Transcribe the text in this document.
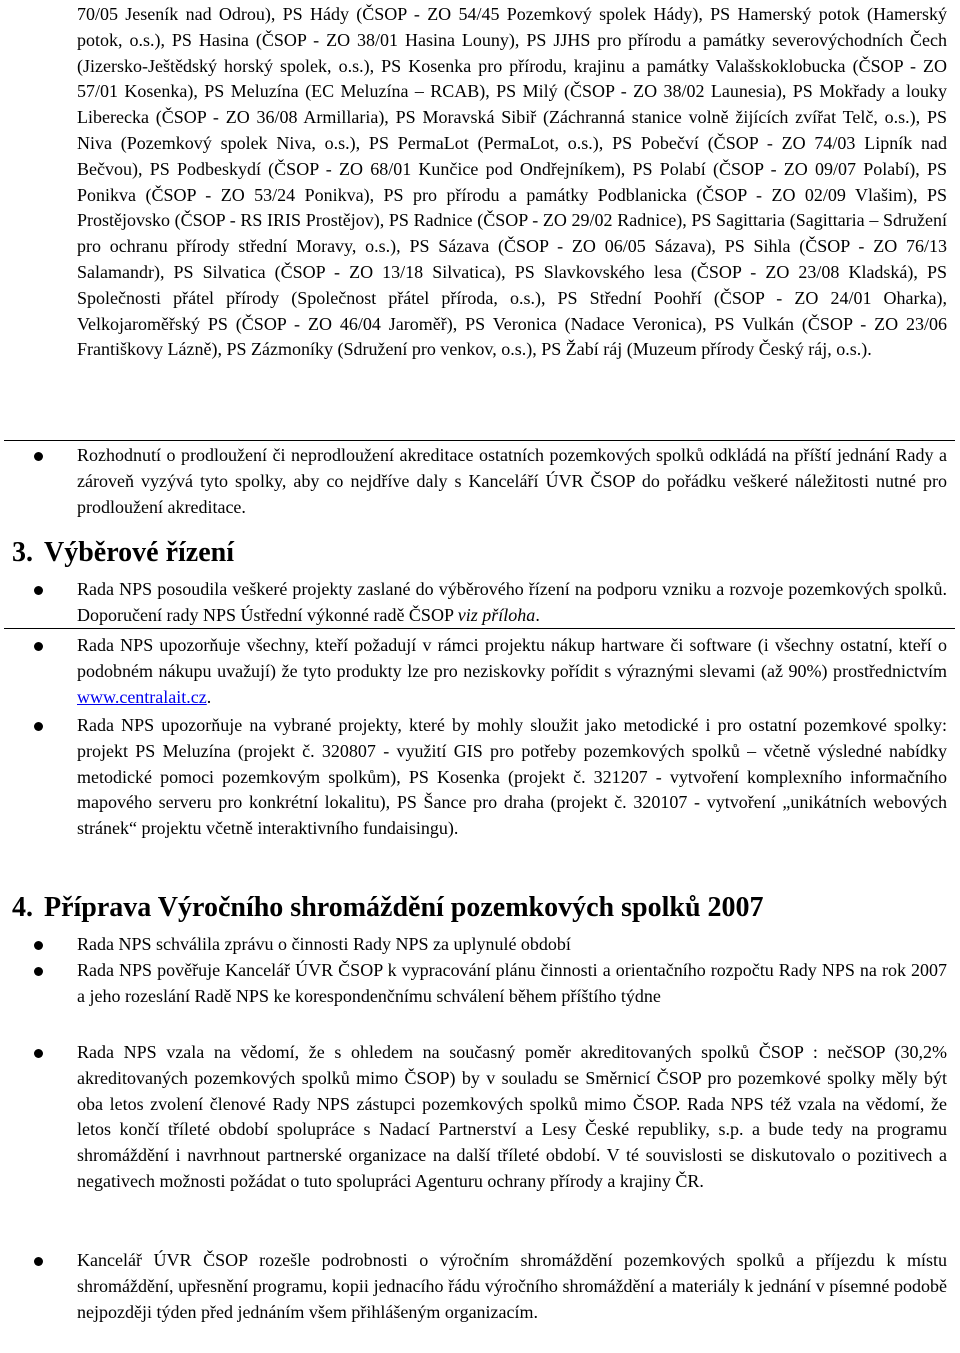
70/05 Jeseník nad Odrou), PS Hády (ČSOP - ZO 54/45 Pozemkový spolek Hády), PS Hamerský potok (Hamerský potok, o.s.), PS Hasina (ČSOP - ZO 38/01 Hasina Louny), PS JJHS pro přírodu a památky severovýchodních Čech (Jizersko-Ještědský horský spolek, o.s.), PS Kosenka pro přírodu, krajinu a památky Valašskoklobucka (ČSOP - ZO 57/01 Kosenka), PS Meluzína (EC Meluzína – RCAB), PS Milý (ČSOP - ZO 38/02 Launesia), PS Mokřady a louky Liberecka (ČSOP - ZO 36/08 Armillaria), PS Moravská Sibiř (Záchranná stanice volně žijících zvířat Telč, o.s.), PS Niva (Pozemkový spolek Niva, o.s.), PS PermaLot (PermaLot, o.s.), PS Pobečví (ČSOP - ZO 74/03 Lipník nad Bečvou), PS Podbeskydí (ČSOP - ZO 68/01 Kunčice pod Ondřejníkem), PS Polabí (ČSOP - ZO 09/07 Polabí), PS Ponikva (ČSOP - ZO 53/24 Ponikva), PS pro přírodu a památky Podblanicka (ČSOP - ZO 02/09 Vlašim), PS Prostějovsko (ČSOP - RS IRIS Prostějov), PS Radnice (ČSOP - ZO 29/02 Radnice), PS Sagittaria (Sagittaria – Sdružení pro ochranu přírody střední Moravy, o.s.), PS Sázava (ČSOP - ZO 06/05 Sázava), PS Sihla (ČSOP - ZO 76/13 Salamandr), PS Silvatica (ČSOP - ZO 13/18 Silvatica), PS Slavkovského lesa (ČSOP - ZO 23/08 Kladská), PS Společnosti přátel přírody (Společnost přátel příroda, o.s.), PS Střední Poohří (ČSOP - ZO 24/01 Oharka), Velkojaroměřský PS (ČSOP - ZO 46/04 Jaroměř), PS Veronica (Nadace Veronica), PS Vulkán (ČSOP - ZO 23/06 Františkovy Lázně), PS Zázmoníky (Sdružení pro venkov, o.s.), PS Žabí ráj (Muzeum přírody Český ráj, o.s.).

Rozhodnutí o prodloužení či neprodloužení akreditace ostatních pozemkových spolků odkládá na příští jednání Rady a zároveň vyzývá tyto spolky, aby co nejdříve daly s Kanceláří ÚVR ČSOP do pořádku veškeré náležitosti nutné pro prodloužení akreditace.

3. Výběrové řízení

Rada NPS posoudila veškeré projekty zaslané do výběrového řízení na podporu vzniku a rozvoje pozemkových spolků. Doporučení rady NPS Ústřední výkonné radě ČSOP viz příloha.

Rada NPS upozorňuje všechny, kteří požadují v rámci projektu nákup hartware či software (i všechny ostatní, kteří o podobném nákupu uvažují) že tyto produkty lze pro neziskovky pořídit s výraznými slevami (až 90%) prostřednictvím www.centralait.cz.

Rada NPS upozorňuje na vybrané projekty, které by mohly sloužit jako metodické i pro ostatní pozemkové spolky: projekt PS Meluzína (projekt č. 320807 - využití GIS pro potřeby pozemkových spolků – včetně výsledné nabídky metodické pomoci pozemkovým spolkům), PS Kosenka (projekt č. 321207 - vytvoření komplexního informačního mapového serveru pro konkrétní lokalitu), PS Šance pro draha (projekt č. 320107 - vytvoření „unikátních webových stránek“ projektu včetně interaktivního fundaisingu).

4. Příprava Výročního shromáždění pozemkových spolků 2007

Rada NPS schválila zprávu o činnosti Rady NPS za uplynulé období

Rada NPS pověřuje Kancelář ÚVR ČSOP k vypracování plánu činnosti a orientačního rozpočtu Rady NPS na rok 2007 a jeho rozeslání Radě NPS ke korespondenčnímu schválení během příštího týdne

Rada NPS vzala na vědomí, že s ohledem na současný poměr akreditovaných spolků ČSOP : nečSOP (30,2% akreditovaných pozemkových spolků mimo ČSOP) by v souladu se Směrnicí ČSOP pro pozemkové spolky měly být oba letos zvolení členové Rady NPS zástupci pozemkových spolků mimo ČSOP. Rada NPS též vzala na vědomí, že letos končí tříleté období spolupráce s Nadací Partnerství a Lesy České republiky, s.p. a bude tedy na programu shromáždění i navrhnout partnerské organizace na další tříleté období. V té souvislosti se diskutovalo o pozitivech a negativech možnosti požádat o tuto spolupráci Agenturu ochrany přírody a krajiny ČR.

Kancelář ÚVR ČSOP rozešle podrobnosti o výročním shromáždění pozemkových spolků a příjezdu k místu shromáždění, upřesnění programu, kopii jednacího řádu výročního shromáždění a materiály k jednání v písemné podobě nejpozději týden před jednáním všem přihlášeným organizacím.
